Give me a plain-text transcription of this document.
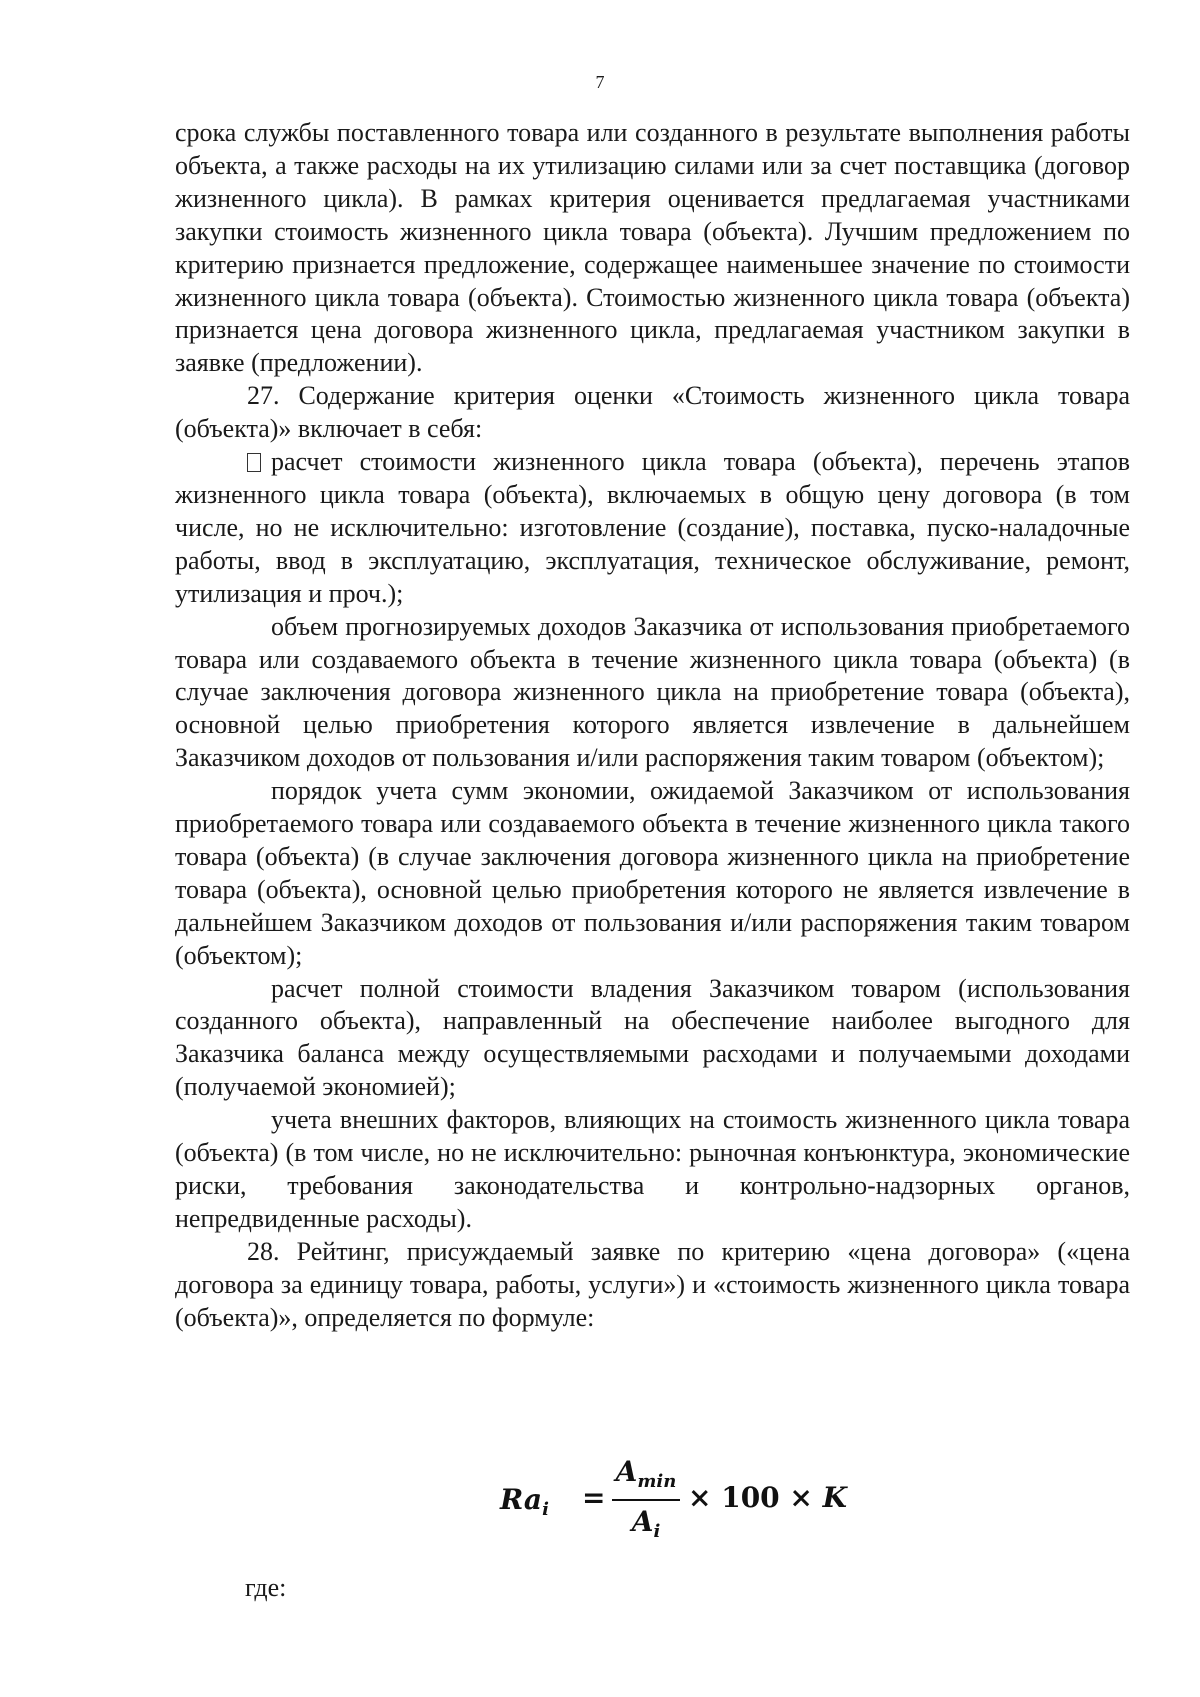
7

срока службы поставленного товара или созданного в результате выполнения работы объекта, а также расходы на их утилизацию силами или за счет поставщика (договор жизненного цикла). В рамках критерия оценивается предлагаемая участниками закупки стоимость жизненного цикла товара (объекта). Лучшим предложением по критерию признается предложение, содержащее наименьшее значение по стоимости жизненного цикла товара (объекта). Стоимостью жизненного цикла товара (объекта) признается цена договора жизненного цикла, предлагаемая участником закупки в заявке (предложении).

27. Содержание критерия оценки «Стоимость жизненного цикла товара (объекта)» включает в себя:

расчет стоимости жизненного цикла товара (объекта), перечень этапов жизненного цикла товара (объекта), включаемых в общую цену договора (в том числе, но не исключительно: изготовление (создание), поставка, пуско-наладочные работы, ввод в эксплуатацию, эксплуатация, техническое обслуживание, ремонт, утилизация и проч.);

объем прогнозируемых доходов Заказчика от использования приобретаемого товара или создаваемого объекта в течение жизненного цикла товара (объекта) (в случае заключения договора жизненного цикла на приобретение товара (объекта), основной целью приобретения которого является извлечение в дальнейшем Заказчиком доходов от пользования и/или распоряжения таким товаром (объектом);

порядок учета сумм экономии, ожидаемой Заказчиком от использования приобретаемого товара или создаваемого объекта в течение жизненного цикла такого товара (объекта) (в случае заключения договора жизненного цикла на приобретение товара (объекта), основной целью приобретения которого не является извлечение в дальнейшем Заказчиком доходов от пользования и/или распоряжения таким товаром (объектом);

расчет полной стоимости владения Заказчиком товаром (использования созданного объекта), направленный на обеспечение наиболее выгодного для Заказчика баланса между осуществляемыми расходами и получаемыми доходами (получаемой экономией);

учета внешних факторов, влияющих на стоимость жизненного цикла товара (объекта) (в том числе, но не исключительно: рыночная конъюнктура, экономические риски, требования законодательства и контрольно-надзорных органов, непредвиденные расходы).

28. Рейтинг, присуждаемый заявке по критерию «цена договора» («цена договора за единицу товара, работы, услуги») и «стоимость жизненного цикла товара (объекта)», определяется по формуле:

$Ra_i$ =
$A_{min}$
$A_i$
× 100 × K
где:
